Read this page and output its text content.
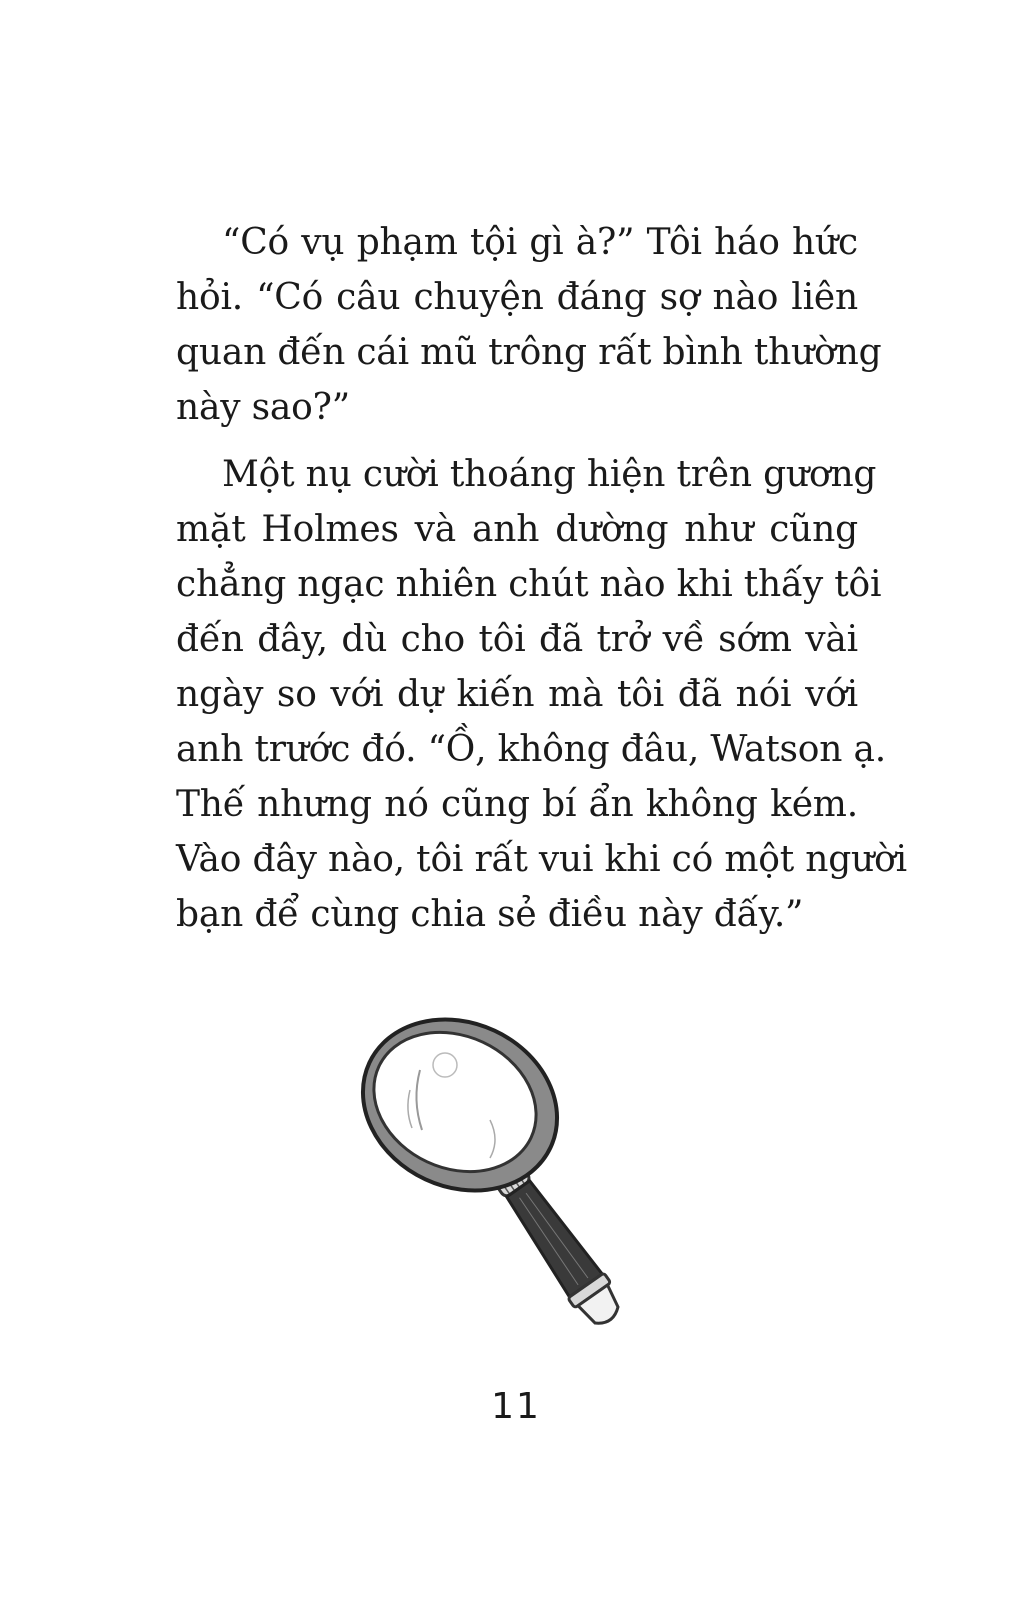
“Có vụ phạm tội gì à?” Tôi háo hức
hỏi. “Có câu chuyện đáng sợ nào liên
quan đến cái mũ trông rất bình thường
này sao?”

Một nụ cười thoáng hiện trên gương
mặt Holmes và anh dường như cũng
chẳng ngạc nhiên chút nào khi thấy tôi
đến đây, dù cho tôi đã trở về sớm vài
ngày so với dự kiến mà tôi đã nói với
anh trước đó. “Ồ, không đâu, Watson ạ.
Thế nhưng nó cũng bí ẩn không kém.
Vào đây nào, tôi rất vui khi có một người
bạn để cùng chia sẻ điều này đấy.”

11
